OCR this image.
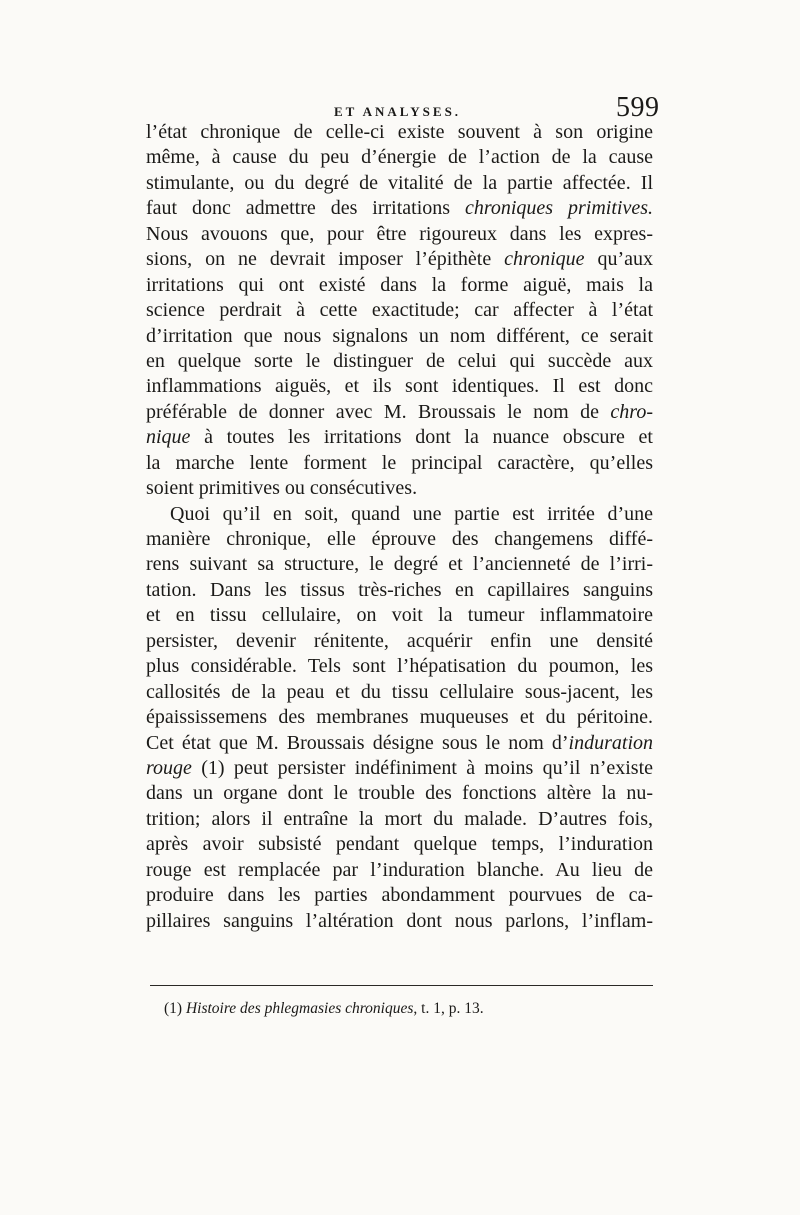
ET ANALYSES.	599
l’état chronique de celle-ci existe souvent à son origine
même, à cause du peu d’énergie de l’action de la cause
stimulante, ou du degré de vitalité de la partie affectée. Il
faut donc admettre des irritations chroniques primitives.
Nous avouons que, pour être rigoureux dans les expres-
sions, on ne devrait imposer l’épithète chronique qu’aux
irritations qui ont existé dans la forme aiguë, mais la
science perdrait à cette exactitude; car affecter à l’état
d’irritation que nous signalons un nom différent, ce serait
en quelque sorte le distinguer de celui qui succède aux
inflammations aiguës, et ils sont identiques. Il est donc
préférable de donner avec M. Broussais le nom de chro-
nique à toutes les irritations dont la nuance obscure et
la marche lente forment le principal caractère, qu’elles
soient primitives ou consécutives.
Quoi qu’il en soit, quand une partie est irritée d’une
manière chronique, elle éprouve des changemens diffé-
rens suivant sa structure, le degré et l’ancienneté de l’irri-
tation. Dans les tissus très-riches en capillaires sanguins
et en tissu cellulaire, on voit la tumeur inflammatoire
persister, devenir rénitente, acquérir enfin une densité
plus considérable. Tels sont l’hépatisation du poumon, les
callosités de la peau et du tissu cellulaire sous-jacent, les
épaississemens des membranes muqueuses et du péritoine.
Cet état que M. Broussais désigne sous le nom d’induration
rouge (1) peut persister indéfiniment à moins qu’il n’existe
dans un organe dont le trouble des fonctions altère la nu-
trition; alors il entraîne la mort du malade. D’autres fois,
après avoir subsisté pendant quelque temps, l’induration
rouge est remplacée par l’induration blanche. Au lieu de
produire dans les parties abondamment pourvues de ca-
pillaires sanguins l’altération dont nous parlons, l’inflam-
(1) Histoire des phlegmasies chroniques, t. 1, p. 13.
